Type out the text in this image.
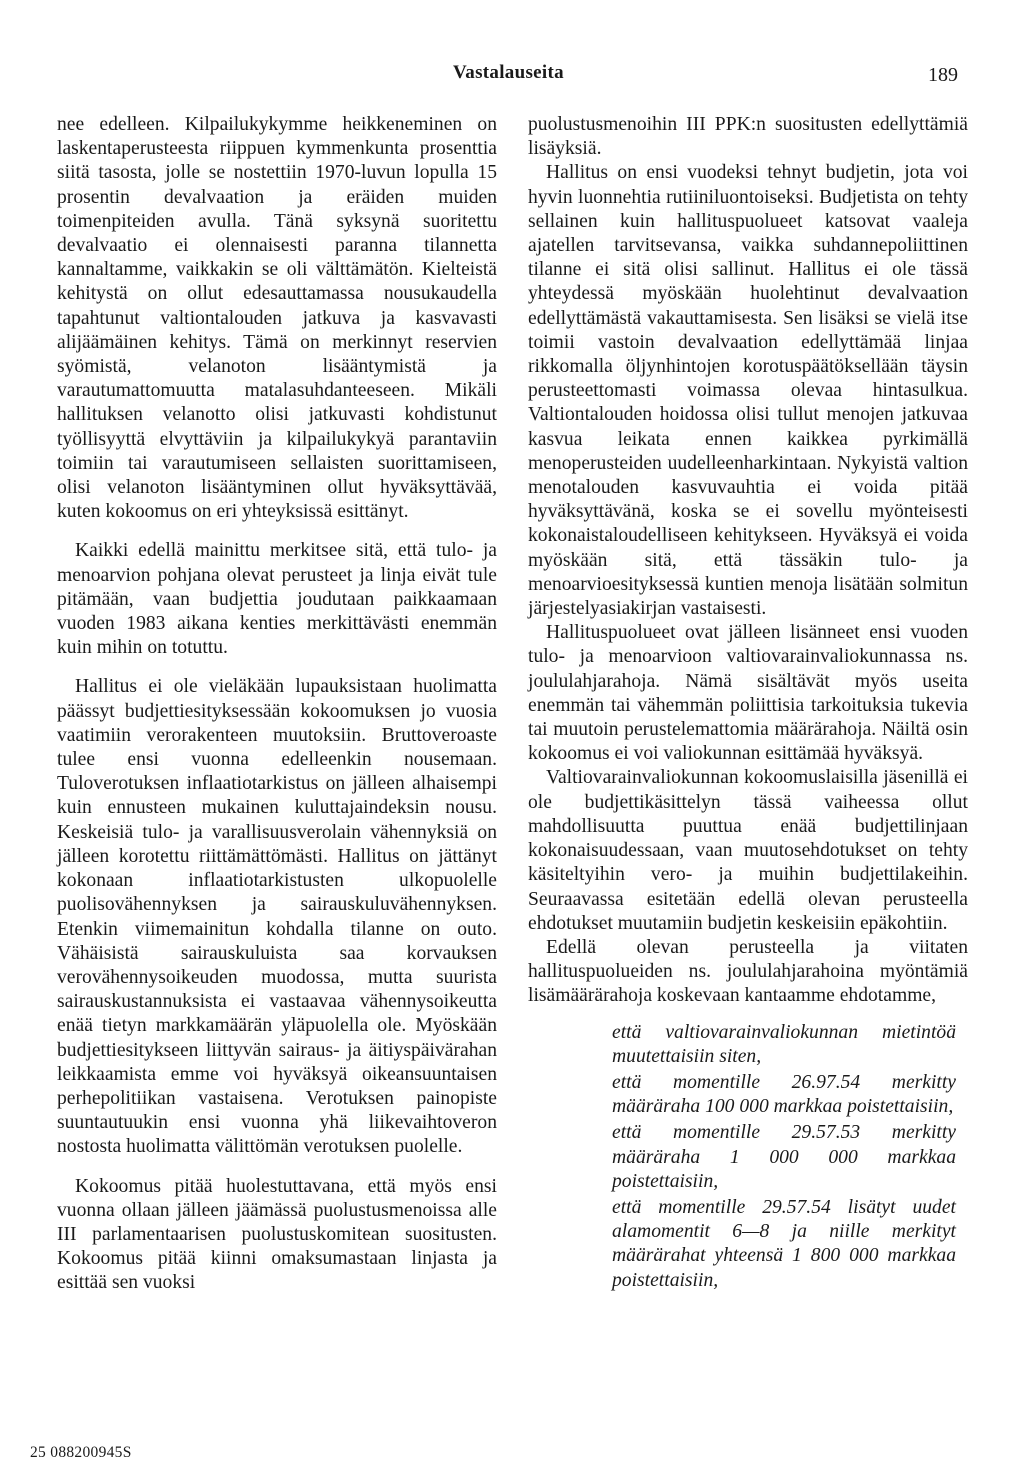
Vastalauseita	189

nee edelleen. Kilpailukykymme heikkeneminen on laskentaperusteesta riippuen kymmenkunta prosenttia siitä tasosta, jolle se nostettiin 1970-luvun lopulla 15 prosentin devalvaation ja eräiden muiden toimenpiteiden avulla. Tänä syksynä suoritettu devalvaatio ei olennaisesti paranna tilannetta kannaltamme, vaikkakin se oli välttämätön. Kielteistä kehitystä on ollut edesauttamassa nousukaudella tapahtunut valtiontalouden jatkuva ja kasvavasti alijäämäinen kehitys. Tämä on merkinnyt reservien syömistä, velanoton lisääntymistä ja varautumattomuutta matalasuhdanteeseen. Mikäli hallituksen velanotto olisi jatkuvasti kohdistunut työllisyyttä elvyttäviin ja kilpailukykyä parantaviin toimiin tai varautumiseen sellaisten suorittamiseen, olisi velanoton lisääntyminen ollut hyväksyttävää, kuten kokoomus on eri yhteyksissä esittänyt.

Kaikki edellä mainittu merkitsee sitä, että tulo- ja menoarvion pohjana olevat perusteet ja linja eivät tule pitämään, vaan budjettia joudutaan paikkaamaan vuoden 1983 aikana kenties merkittävästi enemmän kuin mihin on totuttu.

Hallitus ei ole vieläkään lupauksistaan huolimatta päässyt budjettiesityksessään kokoomuksen jo vuosia vaatimiin verorakenteen muutoksiin. Bruttoveroaste tulee ensi vuonna edelleenkin nousemaan. Tuloverotuksen inflaatiotarkistus on jälleen alhaisempi kuin ennusteen mukainen kuluttajaindeksin nousu. Keskeisiä tulo- ja varallisuusverolain vähennyksiä on jälleen korotettu riittämättömästi. Hallitus on jättänyt kokonaan inflaatiotarkistusten ulkopuolelle puolisovähennyksen ja sairauskuluvähennyksen. Etenkin viimemainitun kohdalla tilanne on outo. Vähäisistä sairauskuluista saa korvauksen verovähennysoikeuden muodossa, mutta suurista sairauskustannuksista ei vastaavaa vähennysoikeutta enää tietyn markkamäärän yläpuolella ole. Myöskään budjettiesitykseen liittyvän sairaus- ja äitiyspäivärahan leikkaamista emme voi hyväksyä oikeansuuntaisen perhepolitiikan vastaisena. Verotuksen painopiste suuntautuukin ensi vuonna yhä liikevaihtoveron nostosta huolimatta välittömän verotuksen puolelle.

Kokoomus pitää huolestuttavana, että myös ensi vuonna ollaan jälleen jäämässä puolustusmenoissa alle III parlamentaarisen puolustuskomitean suositusten. Kokoomus pitää kiinni omaksumastaan linjasta ja esittää sen vuoksi

puolustusmenoihin III PPK:n suositusten edellyttämiä lisäyksiä.

Hallitus on ensi vuodeksi tehnyt budjetin, jota voi hyvin luonnehtia rutiiniluontoiseksi. Budjetista on tehty sellainen kuin hallituspuolueet katsovat vaaleja ajatellen tarvitsevansa, vaikka suhdannepoliittinen tilanne ei sitä olisi sallinut. Hallitus ei ole tässä yhteydessä myöskään huolehtinut devalvaation edellyttämästä vakauttamisesta. Sen lisäksi se vielä itse toimii vastoin devalvaation edellyttämää linjaa rikkomalla öljynhintojen korotuspäätöksellään täysin perusteettomasti voimassa olevaa hintasulkua. Valtiontalouden hoidossa olisi tullut menojen jatkuvaa kasvua leikata ennen kaikkea pyrkimällä menoperusteiden uudelleenharkintaan. Nykyistä valtion menotalouden kasvuvauhtia ei voida pitää hyväksyttävänä, koska se ei sovellu myönteisesti kokonaistaloudelliseen kehitykseen. Hyväksyä ei voida myöskään sitä, että tässäkin tulo- ja menoarvioesityksessä kuntien menoja lisätään solmitun järjestelyasiakirjan vastaisesti.

Hallituspuolueet ovat jälleen lisänneet ensi vuoden tulo- ja menoarvioon valtiovarainvaliokunnassa ns. joululahjarahoja. Nämä sisältävät myös useita enemmän tai vähemmän poliittisia tarkoituksia tukevia tai muutoin perustelemattomia määrärahoja. Näiltä osin kokoomus ei voi valiokunnan esittämää hyväksyä.

Valtiovarainvaliokunnan kokoomuslaisilla jäsenillä ei ole budjettikäsittelyn tässä vaiheessa ollut mahdollisuutta puuttua enää budjettilinjaan kokonaisuudessaan, vaan muutosehdotukset on tehty käsiteltyihin vero- ja muihin budjettilakeihin. Seuraavassa esitetään edellä olevan perusteella ehdotukset muutamiin budjetin keskeisiin epäkohtiin.

Edellä olevan perusteella ja viitaten hallituspuolueiden ns. joululahjarahoina myöntämiä lisämäärärahoja koskevaan kantaamme ehdotamme,

että valtiovarainvaliokunnan mietintöä muutettaisiin siten,

että momentille 26.97.54 merkitty määräraha 100 000 markkaa poistettaisiin,

että momentille 29.57.53 merkitty määräraha 1 000 000 markkaa poistettaisiin,

että momentille 29.57.54 lisätyt uudet alamomentit 6—8 ja niille merkityt määrärahat yhteensä 1 800 000 markkaa poistettaisiin,

25 088200945S
